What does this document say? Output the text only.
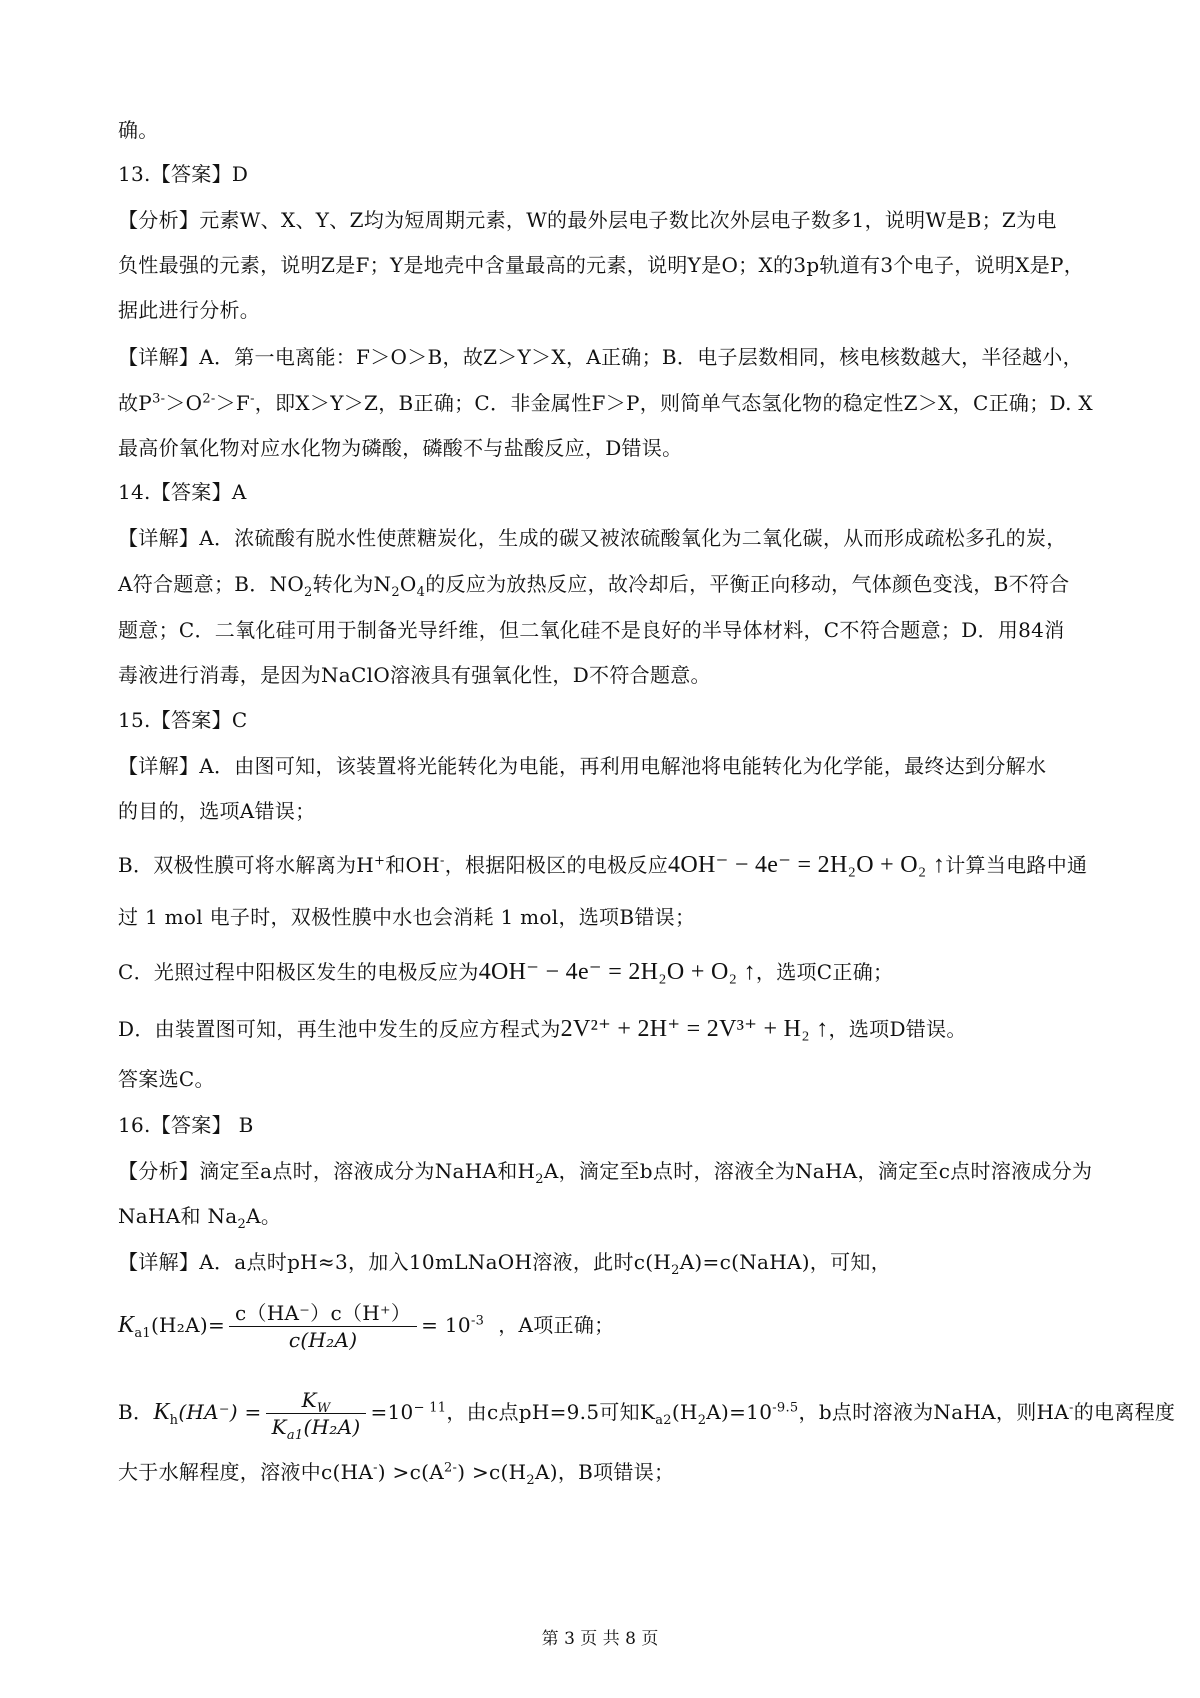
确。
13.【答案】D
【分析】元素W、X、Y、Z均为短周期元素，W的最外层电子数比次外层电子数多1，说明W是B；Z为电
负性最强的元素，说明Z是F；Y是地壳中含量最高的元素，说明Y是O；X的3p轨道有3个电子，说明X是P，
据此进行分析。
【详解】A．第一电离能：F＞O＞B，故Z＞Y＞X，A正确；B．电子层数相同，核电核数越大，半径越小，
故$P^{3-}>O^{2-}>F^-$，即X＞Y＞Z，B正确；C．非金属性F＞P，则简单气态氢化物的稳定性Z＞X，C正确；D. X
最高价氧化物对应水化物为磷酸，磷酸不与盐酸反应，D错误。
14.【答案】A
【详解】A．浓硫酸有脱水性使蔗糖炭化，生成的碳又被浓硫酸氧化为二氧化碳，从而形成疏松多孔的炭，
A符合题意；B．$NO_2$转化为$N_2O_4$的反应为放热反应，故冷却后，平衡正向移动，气体颜色变浅，B不符合
题意；C．二氧化硅可用于制备光导纤维，但二氧化硅不是良好的半导体材料，C不符合题意；D．用84消
毒液进行消毒，是因为NaClO溶液具有强氧化性，D不符合题意。
15.【答案】C
【详解】A．由图可知，该装置将光能转化为电能，再利用电解池将电能转化为化学能，最终达到分解水
的目的，选项A错误；
B．双极性膜可将水解离为H+和OH-，根据阳极区的电极反应4OH⁻ − 4e⁻ = 2H₂O + O₂ ↑计算当电路中通
过 1 mol 电子时，双极性膜中水也会消耗 1 mol，选项B错误；
C．光照过程中阳极区发生的电极反应为4OH⁻ − 4e⁻ = 2H₂O + O₂ ↑，选项C正确；
D．由装置图可知，再生池中发生的反应方程式为2V²⁺ + 2H⁺ = 2V³⁺ + H₂ ↑，选项D错误。
答案选C。
16.【答案】 B
【分析】滴定至a点时，溶液成分为NaHA和$H_2A$，滴定至b点时，溶液全为NaHA，滴定至c点时溶液成分为
NaHA和 $Na_2A$。
【详解】A．a点时pH≈3，加入10mLNaOH溶液，此时$c(H_2A)=c(NaHA)$，可知，
$K_{a1}(H_2A)= \frac{c(HA^-)c(H^+)}{\text{c(H₂A)}} = 10^{-3}$ ，A项正确；
B．$K_h(HA^-) = \frac{K_W}{K_{a1}(H_2A)} =10^{- 11}$，由c点pH=9.5可知$K_{a2}(H_2A)=10^{-9.5}$，b点时溶液为NaHA，则HA-的电离程度
大于水解程度，溶液中$c(HA^-) >c(A^{2-}) >c(H_2A)$，B项错误；
第 3 页 共 8 页
